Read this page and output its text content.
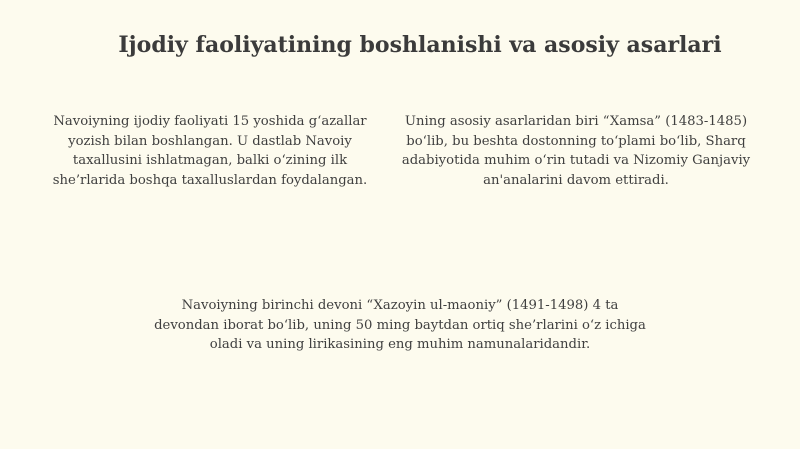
Ijodiy faoliyatining boshlanishi va asosiy asarlari
Navoiyning ijodiy faoliyati 15 yoshida g‘azallar yozish bilan boshlangan. U dastlab Navoiy taxallusini ishlatmagan, balki o‘zining ilk she’rlarida boshqa taxalluslardan foydalangan.
Uning asosiy asarlaridan biri “Xamsa” (1483-1485) bo‘lib, bu beshta dostonning to‘plami bo‘lib, Sharq adabiyotida muhim o‘rin tutadi va Nizomiy Ganjaviy an'analarini davom ettiradi.
Navoiyning birinchi devoni “Xazoyin ul-maoniy” (1491-1498) 4 ta devondan iborat bo‘lib, uning 50 ming baytdan ortiq she’rlarini o‘z ichiga oladi va uning lirikasining eng muhim namunalaridandir.
